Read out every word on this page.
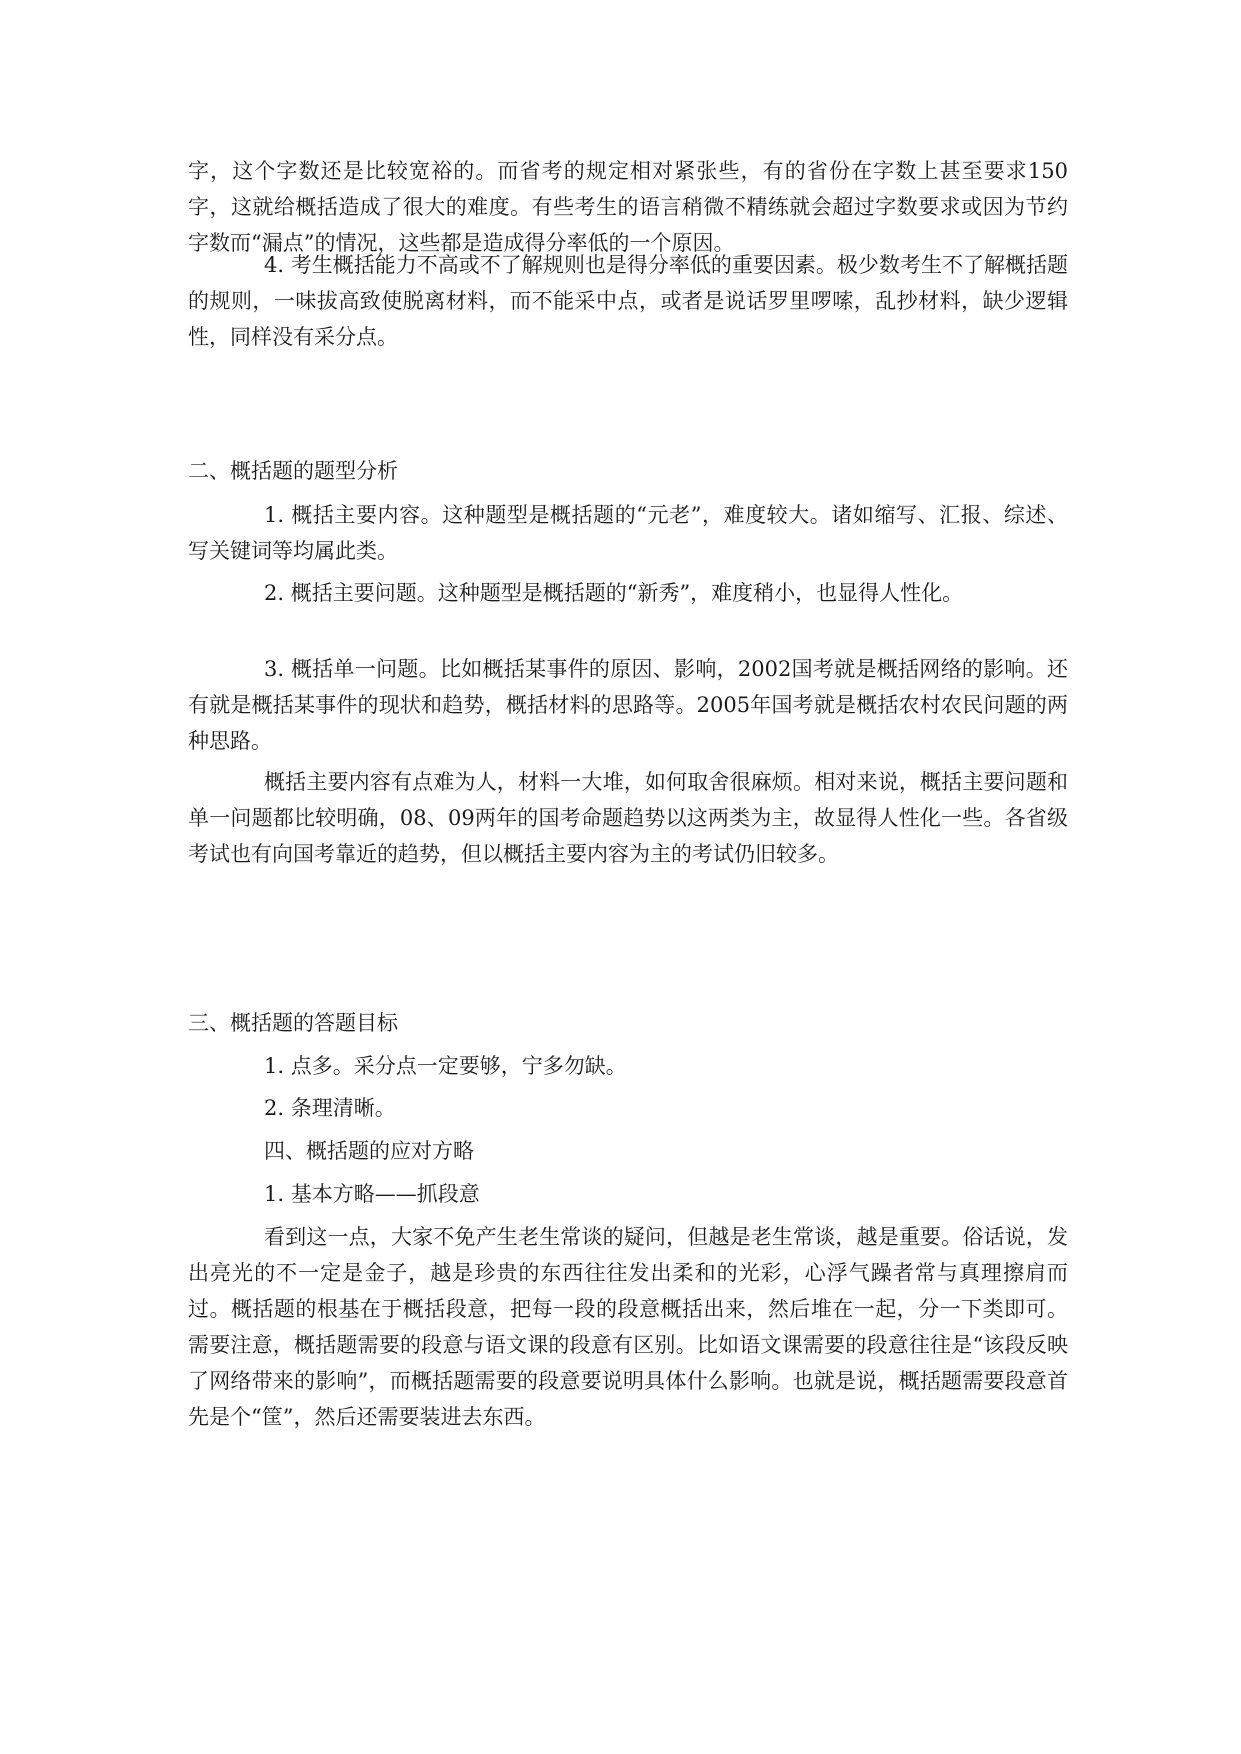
字，这个字数还是比较宽裕的。而省考的规定相对紧张些，有的省份在字数上甚至要求150字，这就给概括造成了很大的难度。有些考生的语言稍微不精练就会超过字数要求或因为节约字数而“漏点”的情况，这些都是造成得分率低的一个原因。

4. 考生概括能力不高或不了解规则也是得分率低的重要因素。极少数考生不了解概括题的规则，一味拔高致使脱离材料，而不能采中点，或者是说话罗里啰嗦，乱抄材料，缺少逻辑性，同样没有采分点。

二、概括题的题型分析

1. 概括主要内容。这种题型是概括题的“元老”，难度较大。诸如缩写、汇报、综述、写关键词等均属此类。

2. 概括主要问题。这种题型是概括题的“新秀”，难度稍小，也显得人性化。

3. 概括单一问题。比如概括某事件的原因、影响，2002国考就是概括网络的影响。还有就是概括某事件的现状和趋势，概括材料的思路等。2005年国考就是概括农村农民问题的两种思路。

概括主要内容有点难为人，材料一大堆，如何取舍很麻烦。相对来说，概括主要问题和单一问题都比较明确，08、09两年的国考命题趋势以这两类为主，故显得人性化一些。各省级考试也有向国考靠近的趋势，但以概括主要内容为主的考试仍旧较多。

三、概括题的答题目标

1. 点多。采分点一定要够，宁多勿缺。

2. 条理清晰。

四、概括题的应对方略

1. 基本方略——抓段意

看到这一点，大家不免产生老生常谈的疑问，但越是老生常谈，越是重要。俗话说，发出亮光的不一定是金子，越是珍贵的东西往往发出柔和的光彩，心浮气躁者常与真理擦肩而过。概括题的根基在于概括段意，把每一段的段意概括出来，然后堆在一起，分一下类即可。需要注意，概括题需要的段意与语文课的段意有区别。比如语文课需要的段意往往是“该段反映了网络带来的影响”，而概括题需要的段意要说明具体什么影响。也就是说，概括题需要段意首先是个“筐”，然后还需要装进去东西。
